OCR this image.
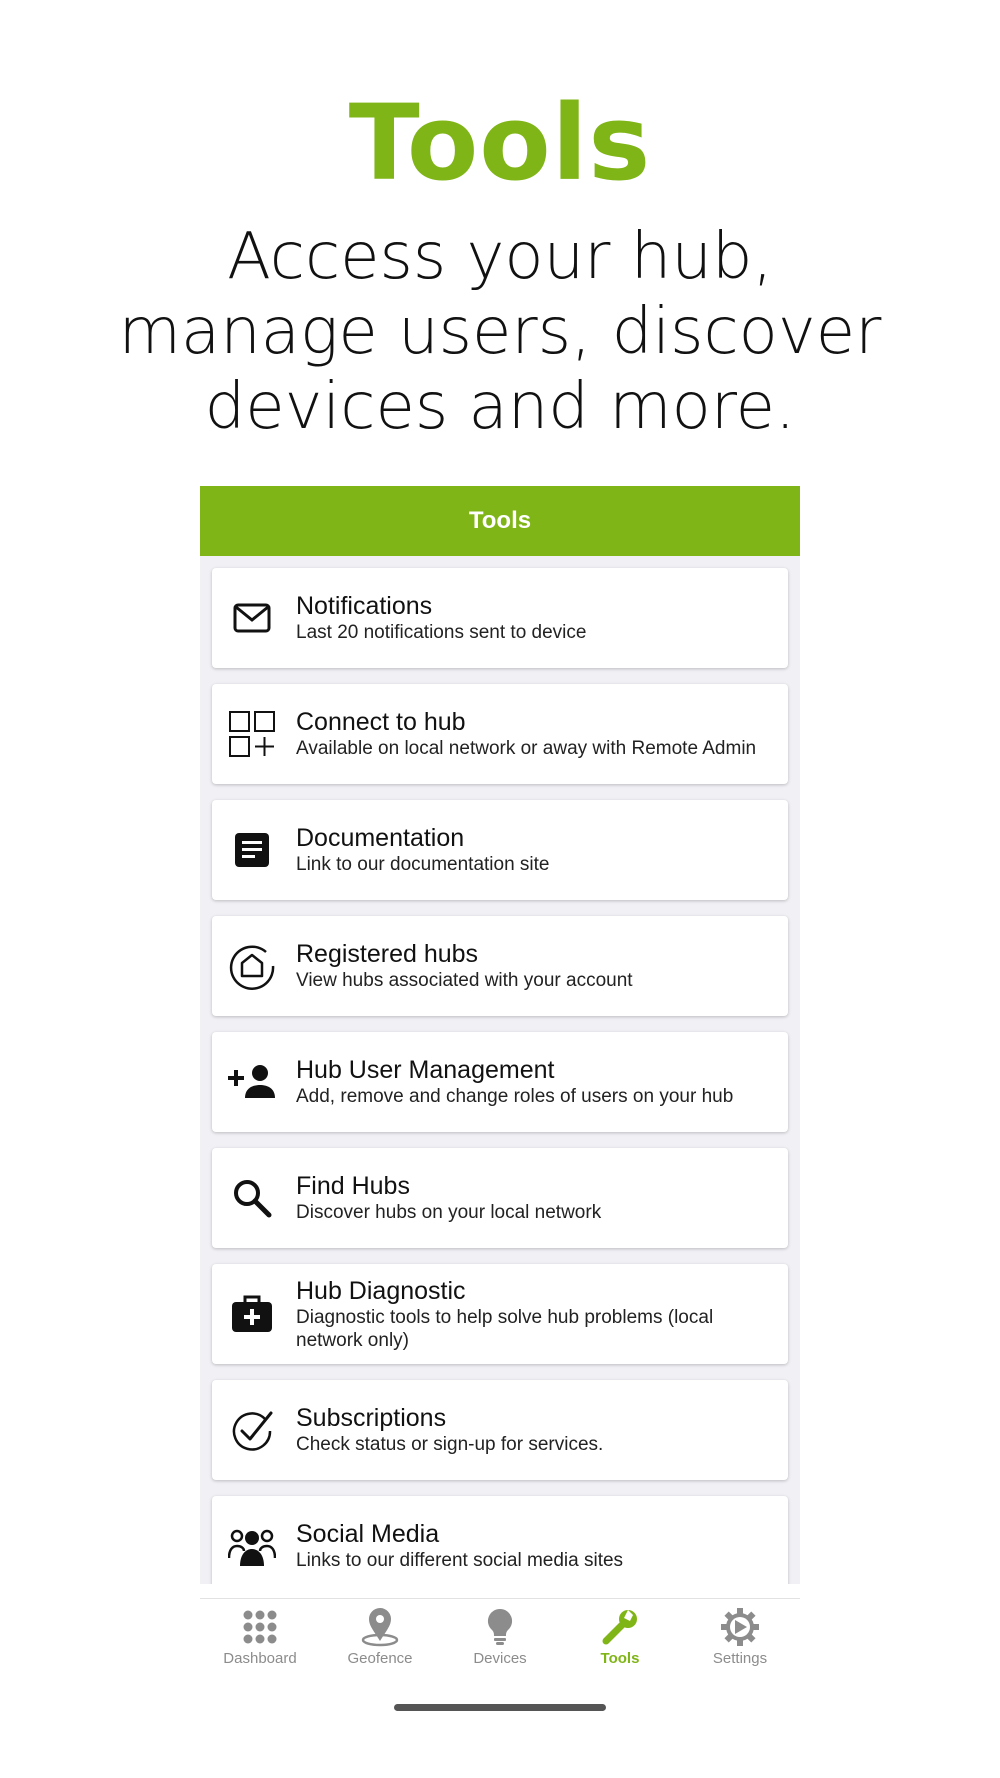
Tools
Access your hub, manage users, discover devices and more.
Tools
Notifications
Last 20 notifications sent to device
Connect to hub
Available on local network or away with Remote Admin
Documentation
Link to our documentation site
Registered hubs
View hubs associated with your account
Hub User Management
Add, remove and change roles of users on your hub
Find Hubs
Discover hubs on your local network
Hub Diagnostic
Diagnostic tools to help solve hub problems (local network only)
Subscriptions
Check status or sign-up for services.
Social Media
Links to our different social media sites
Dashboard	Geofence	Devices	Tools	Settings
